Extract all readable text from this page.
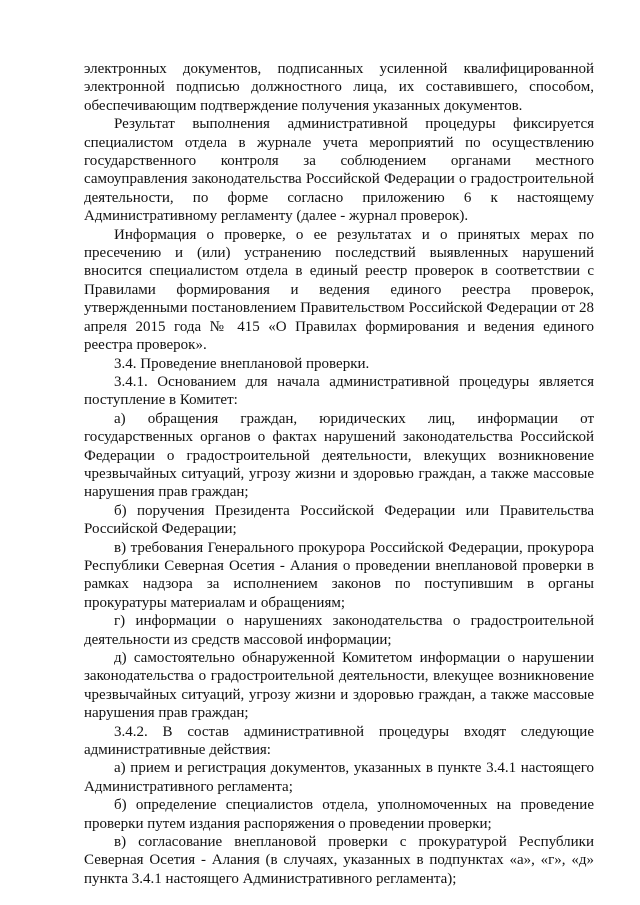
электронных документов, подписанных усиленной квалифицированной электронной подписью должностного лица, их составившего, способом, обеспечивающим подтверждение получения указанных документов.

Результат выполнения административной процедуры фиксируется специалистом отдела в журнале учета мероприятий по осуществлению государственного контроля за соблюдением органами местного самоуправления законодательства Российской Федерации о градостроительной деятельности, по форме согласно приложению 6 к настоящему Административному регламенту (далее - журнал проверок).

Информация о проверке, о ее результатах и о принятых мерах по пресечению и (или) устранению последствий выявленных нарушений вносится специалистом отдела в единый реестр проверок в соответствии с Правилами формирования и ведения единого реестра проверок, утвержденными постановлением Правительством Российской Федерации от 28 апреля 2015 года № 415 «О Правилах формирования и ведения единого реестра проверок».

3.4. Проведение внеплановой проверки.

3.4.1. Основанием для начала административной процедуры является поступление в Комитет:

а) обращения граждан, юридических лиц, информации от государственных органов о фактах нарушений законодательства Российской Федерации о градостроительной деятельности, влекущих возникновение чрезвычайных ситуаций, угрозу жизни и здоровью граждан, а также массовые нарушения прав граждан;

б) поручения Президента Российской Федерации или Правительства Российской Федерации;

в) требования Генерального прокурора Российской Федерации, прокурора Республики Северная Осетия - Алания о проведении внеплановой проверки в рамках надзора за исполнением законов по поступившим в органы прокуратуры материалам и обращениям;

г) информации о нарушениях законодательства о градостроительной деятельности из средств массовой информации;

д) самостоятельно обнаруженной Комитетом информации о нарушении законодательства о градостроительной деятельности, влекущее возникновение чрезвычайных ситуаций, угрозу жизни и здоровью граждан, а также массовые нарушения прав граждан;

3.4.2. В состав административной процедуры входят следующие административные действия:

а) прием и регистрация документов, указанных в пункте 3.4.1 настоящего Административного регламента;

б) определение специалистов отдела, уполномоченных на проведение проверки путем издания распоряжения о проведении проверки;

в) согласование внеплановой проверки с прокуратурой Республики Северная Осетия - Алания (в случаях, указанных в подпунктах «а», «г», «д» пункта 3.4.1 настоящего Административного регламента);
